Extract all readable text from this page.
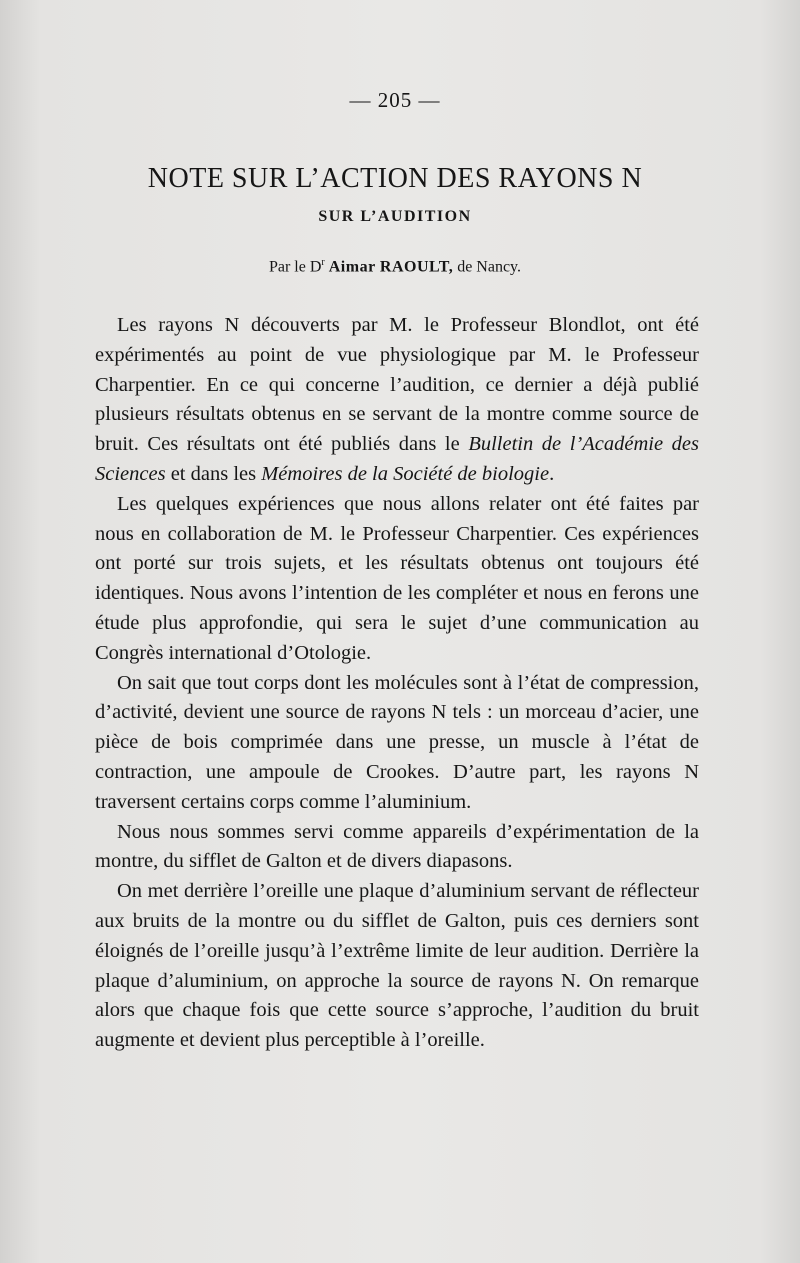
— 205 —
NOTE SUR L’ACTION DES RAYONS N
SUR L’AUDITION
Par le $D^r$ Aimar RAOULT, de Nancy.

Les rayons N découverts par M. le Professeur Blondlot, ont été expérimentés au point de vue physiologique par M. le Professeur Charpentier. En ce qui concerne l’audition, ce dernier a déjà publié plusieurs résultats obtenus en se servant de la montre comme source de bruit. Ces résultats ont été publiés dans le Bulletin de l’Académie des Sciences et dans les Mémoires de la Société de biologie.

Les quelques expériences que nous allons relater ont été faites par nous en collaboration de M. le Professeur Charpentier. Ces expériences ont porté sur trois sujets, et les résultats obtenus ont toujours été identiques. Nous avons l’intention de les compléter et nous en ferons une étude plus approfondie, qui sera le sujet d’une communication au Congrès international d’Otologie.

On sait que tout corps dont les molécules sont à l’état de compression, d’activité, devient une source de rayons N tels : un morceau d’acier, une pièce de bois comprimée dans une presse, un muscle à l’état de contraction, une ampoule de Crookes. D’autre part, les rayons N traversent certains corps comme l’aluminium.

Nous nous sommes servi comme appareils d’expérimentation de la montre, du sifflet de Galton et de divers diapasons.

On met derrière l’oreille une plaque d’aluminium servant de réflecteur aux bruits de la montre ou du sifflet de Galton, puis ces derniers sont éloignés de l’oreille jusqu’à l’extrême limite de leur audition. Derrière la plaque d’aluminium, on approche la source de rayons N. On remarque alors que chaque fois que cette source s’approche, l’audition du bruit augmente et devient plus perceptible à l’oreille.
